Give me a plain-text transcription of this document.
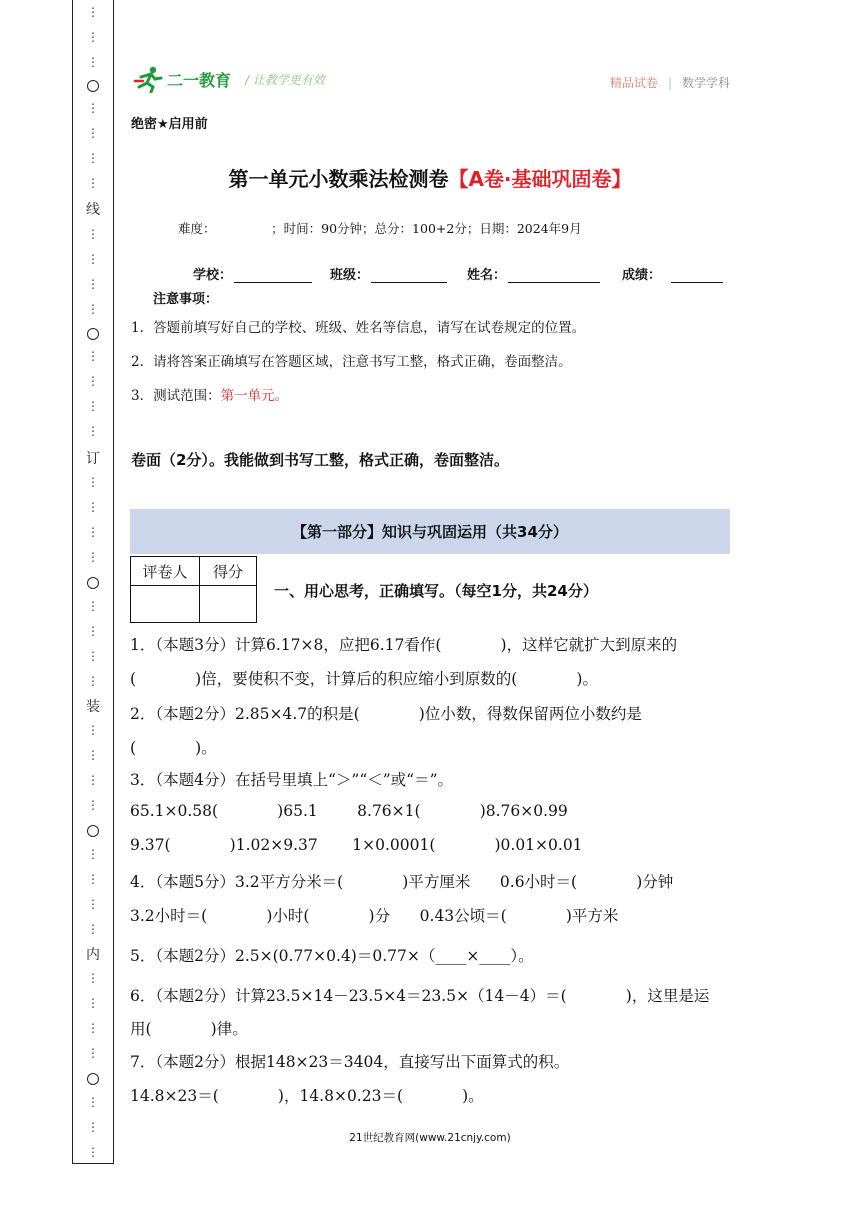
⋮
⋮
⋮
⋮
⋮
⋮
⋮
线
⋮
⋮
⋮
⋮
⋮
⋮
⋮
⋮
订
⋮
⋮
⋮
⋮
⋮
⋮
⋮
⋮
装
⋮
⋮
⋮
⋮
⋮
⋮
⋮
⋮
内
⋮
⋮
⋮
⋮
⋮
⋮
⋮
二一教育 / 让教学更有效	精品试卷 | 数学学科
绝密★启用前
第一单元小数乘法检测卷【A卷·基础巩固卷】
难度：              ；时间：90分钟；总分：100+2分；日期：2024年9月
学校：	班级：	姓名：	成绩：
注意事项：
1．答题前填写好自己的学校、班级、姓名等信息，请写在试卷规定的位置。
2．请将答案正确填写在答题区域，注意书写工整，格式正确，卷面整洁。
3．测试范围：第一单元。
卷面（2分）。我能做到书写工整，格式正确，卷面整洁。
【第一部分】知识与巩固运用（共34分）
评卷人	得分

一、用心思考，正确填写。（每空1分，共24分）
1．（本题3分）计算6.17×8，应把6.17看作(            )，这样它就扩大到原来的
(            )倍，要使积不变，计算后的积应缩小到原数的(            )。
2．（本题2分）2.85×4.7的积是(            )位小数，得数保留两位小数约是
(            )。
3．（本题4分）在括号里填上“＞”“＜”或“＝”。
65.1×0.58(            )65.1        8.76×1(            )8.76×0.99
9.37(            )1.02×9.37       1×0.0001(            )0.01×0.01
4．（本题5分）3.2平方分米＝(            )平方厘米      0.6小时＝(            )分钟
3.2小时＝(            )小时(            )分      0.43公顷＝(            )平方米
5．（本题2分）2.5×(0.77×0.4)＝0.77×（____×____）。
6．（本题2分）计算23.5×14－23.5×4＝23.5×（14－4）＝(            )，这里是运
用(            )律。
7．（本题2分）根据148×23＝3404，直接写出下面算式的积。
14.8×23＝(            )，14.8×0.23＝(            )。
21世纪教育网(www.21cnjy.com)
